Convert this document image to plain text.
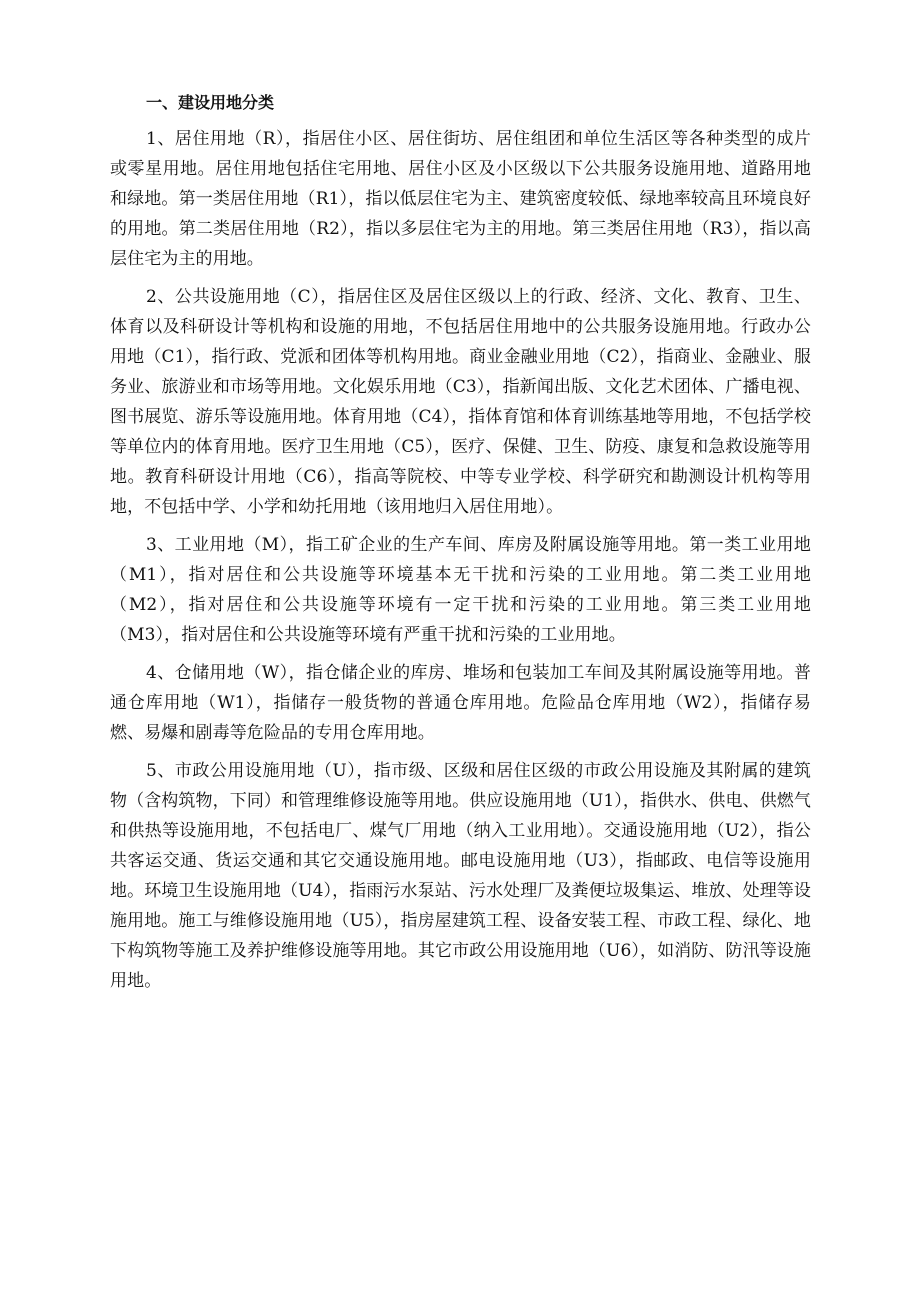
一、建设用地分类

1、居住用地（R），指居住小区、居住街坊、居住组团和单位生活区等各种类型的成片或零星用地。居住用地包括住宅用地、居住小区及小区级以下公共服务设施用地、道路用地和绿地。第一类居住用地（R1），指以低层住宅为主、建筑密度较低、绿地率较高且环境良好的用地。第二类居住用地（R2），指以多层住宅为主的用地。第三类居住用地（R3），指以高层住宅为主的用地。

2、公共设施用地（C），指居住区及居住区级以上的行政、经济、文化、教育、卫生、体育以及科研设计等机构和设施的用地，不包括居住用地中的公共服务设施用地。行政办公用地（C1），指行政、党派和团体等机构用地。商业金融业用地（C2），指商业、金融业、服务业、旅游业和市场等用地。文化娱乐用地（C3），指新闻出版、文化艺术团体、广播电视、图书展览、游乐等设施用地。体育用地（C4），指体育馆和体育训练基地等用地，不包括学校等单位内的体育用地。医疗卫生用地（C5），医疗、保健、卫生、防疫、康复和急救设施等用地。教育科研设计用地（C6），指高等院校、中等专业学校、科学研究和勘测设计机构等用地，不包括中学、小学和幼托用地（该用地归入居住用地）。

3、工业用地（M），指工矿企业的生产车间、库房及附属设施等用地。第一类工业用地（M1），指对居住和公共设施等环境基本无干扰和污染的工业用地。第二类工业用地（M2），指对居住和公共设施等环境有一定干扰和污染的工业用地。第三类工业用地（M3），指对居住和公共设施等环境有严重干扰和污染的工业用地。

4、仓储用地（W），指仓储企业的库房、堆场和包装加工车间及其附属设施等用地。普通仓库用地（W1），指储存一般货物的普通仓库用地。危险品仓库用地（W2），指储存易燃、易爆和剧毒等危险品的专用仓库用地。

5、市政公用设施用地（U），指市级、区级和居住区级的市政公用设施及其附属的建筑物（含构筑物，下同）和管理维修设施等用地。供应设施用地（U1），指供水、供电、供燃气和供热等设施用地，不包括电厂、煤气厂用地（纳入工业用地）。交通设施用地（U2），指公共客运交通、货运交通和其它交通设施用地。邮电设施用地（U3），指邮政、电信等设施用地。环境卫生设施用地（U4），指雨污水泵站、污水处理厂及粪便垃圾集运、堆放、处理等设施用地。施工与维修设施用地（U5），指房屋建筑工程、设备安装工程、市政工程、绿化、地下构筑物等施工及养护维修设施等用地。其它市政公用设施用地（U6），如消防、防汛等设施用地。
